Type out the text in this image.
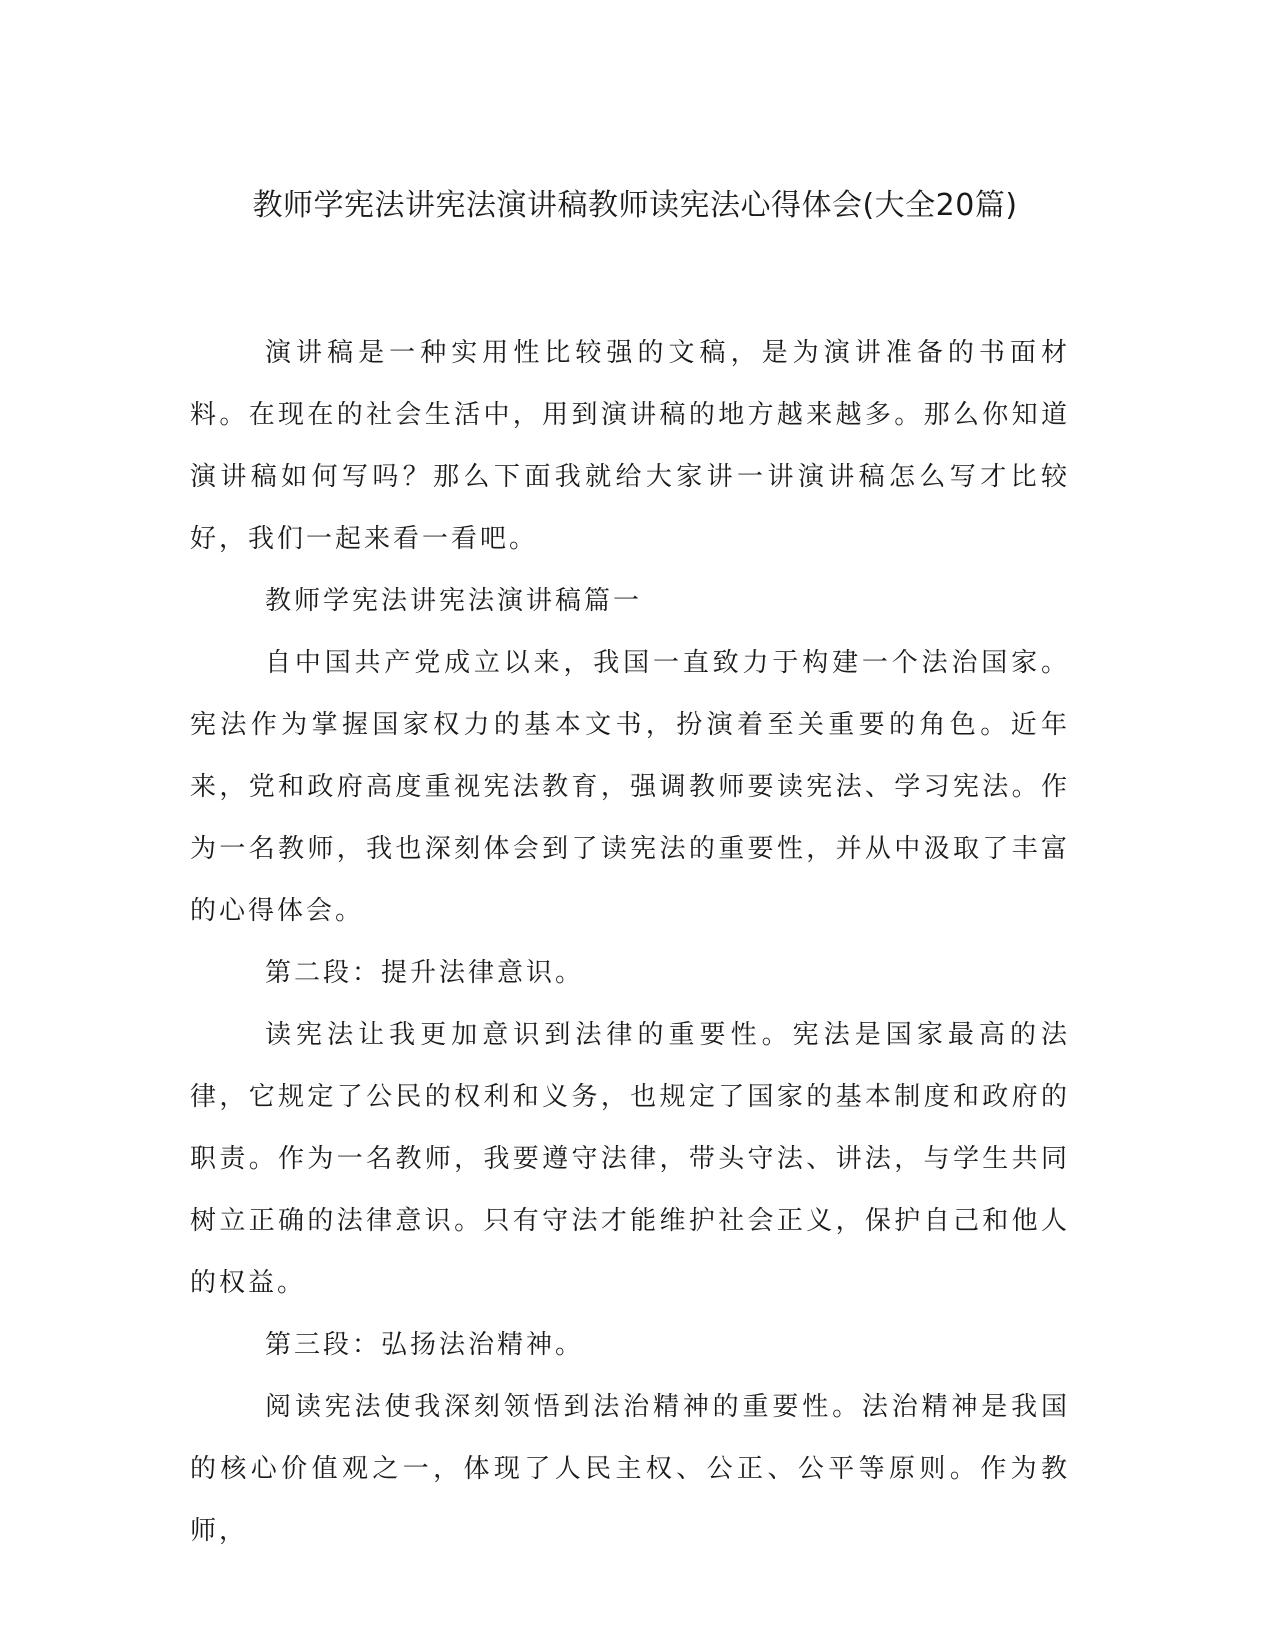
教师学宪法讲宪法演讲稿教师读宪法心得体会(大全20篇)

演讲稿是一种实用性比较强的文稿，是为演讲准备的书面材料。在现在的社会生活中，用到演讲稿的地方越来越多。那么你知道演讲稿如何写吗？那么下面我就给大家讲一讲演讲稿怎么写才比较好，我们一起来看一看吧。

教师学宪法讲宪法演讲稿篇一

自中国共产党成立以来，我国一直致力于构建一个法治国家。宪法作为掌握国家权力的基本文书，扮演着至关重要的角色。近年来，党和政府高度重视宪法教育，强调教师要读宪法、学习宪法。作为一名教师，我也深刻体会到了读宪法的重要性，并从中汲取了丰富的心得体会。

第二段：提升法律意识。

读宪法让我更加意识到法律的重要性。宪法是国家最高的法律，它规定了公民的权利和义务，也规定了国家的基本制度和政府的职责。作为一名教师，我要遵守法律，带头守法、讲法，与学生共同树立正确的法律意识。只有守法才能维护社会正义，保护自己和他人的权益。

第三段：弘扬法治精神。

阅读宪法使我深刻领悟到法治精神的重要性。法治精神是我国的核心价值观之一，体现了人民主权、公正、公平等原则。作为教师，
